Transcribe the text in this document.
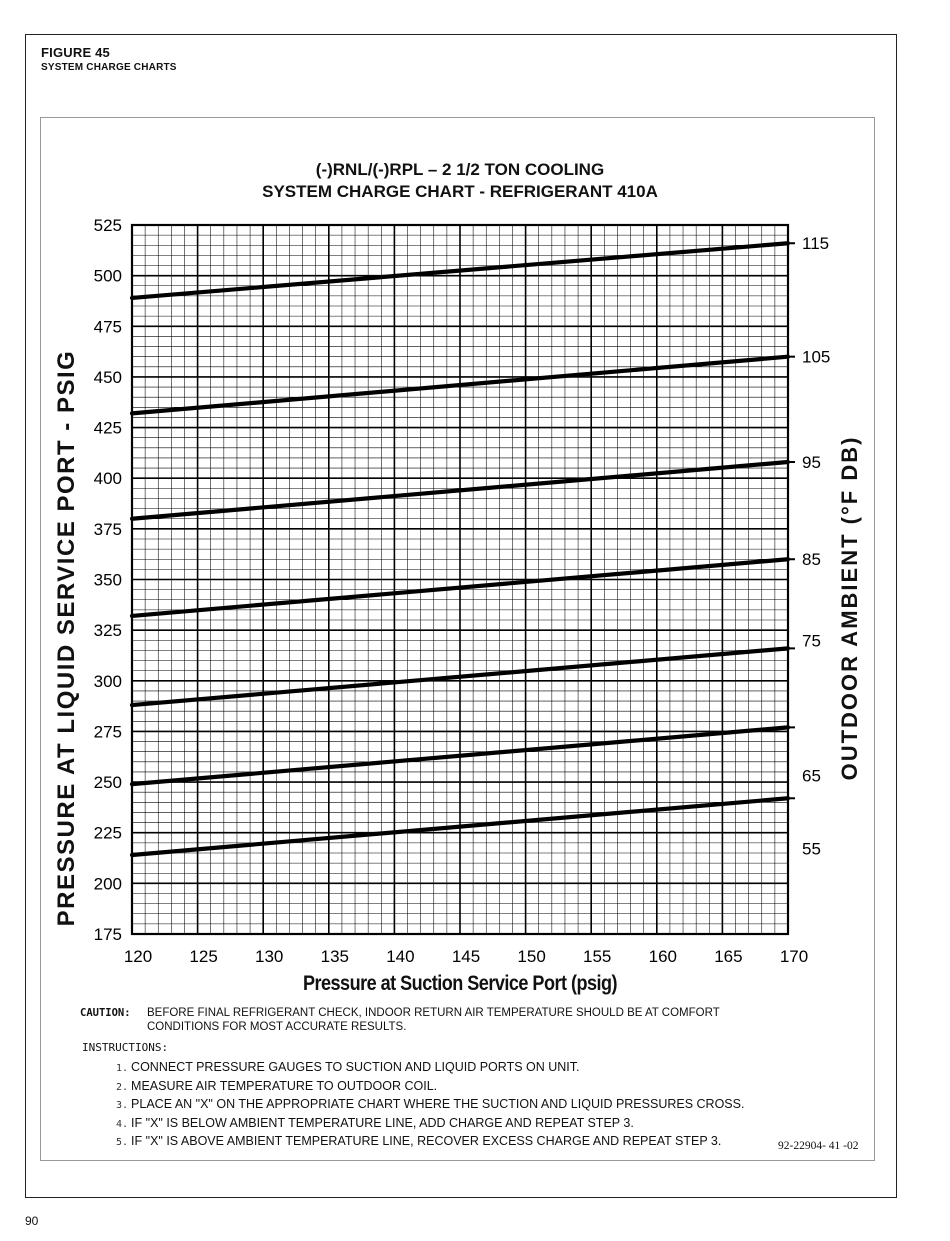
FIGURE 45
SYSTEM CHARGE CHARTS
(-)RNL/(-)RPL – 2 1/2 TON COOLING
SYSTEM CHARGE CHART - REFRIGERANT 410A
PRESSURE AT LIQUID SERVICE PORT - PSIG	OUTDOOR AMBIENT (°F DB)
Pressure at Suction Service Port (psig)
115
105
95
85
75
65
55
175
200
225
250
275
300
325
350
375
400
425
450
475
500
525
120 125 130 135 140 145 150 155 160 165 170
CAUTION: BEFORE FINAL REFRIGERANT CHECK, INDOOR RETURN AIR TEMPERATURE SHOULD BE AT COMFORT CONDITIONS FOR MOST ACCURATE RESULTS.
INSTRUCTIONS:
1. CONNECT PRESSURE GAUGES TO SUCTION AND LIQUID PORTS ON UNIT.
2. MEASURE AIR TEMPERATURE TO OUTDOOR COIL.
3. PLACE AN "X" ON THE APPROPRIATE CHART WHERE THE SUCTION AND LIQUID PRESSURES CROSS.
4. IF "X" IS BELOW AMBIENT TEMPERATURE LINE, ADD CHARGE AND REPEAT STEP 3.
5. IF "X" IS ABOVE AMBIENT TEMPERATURE LINE, RECOVER EXCESS CHARGE AND REPEAT STEP 3.	92-22904- 41 -02
90
